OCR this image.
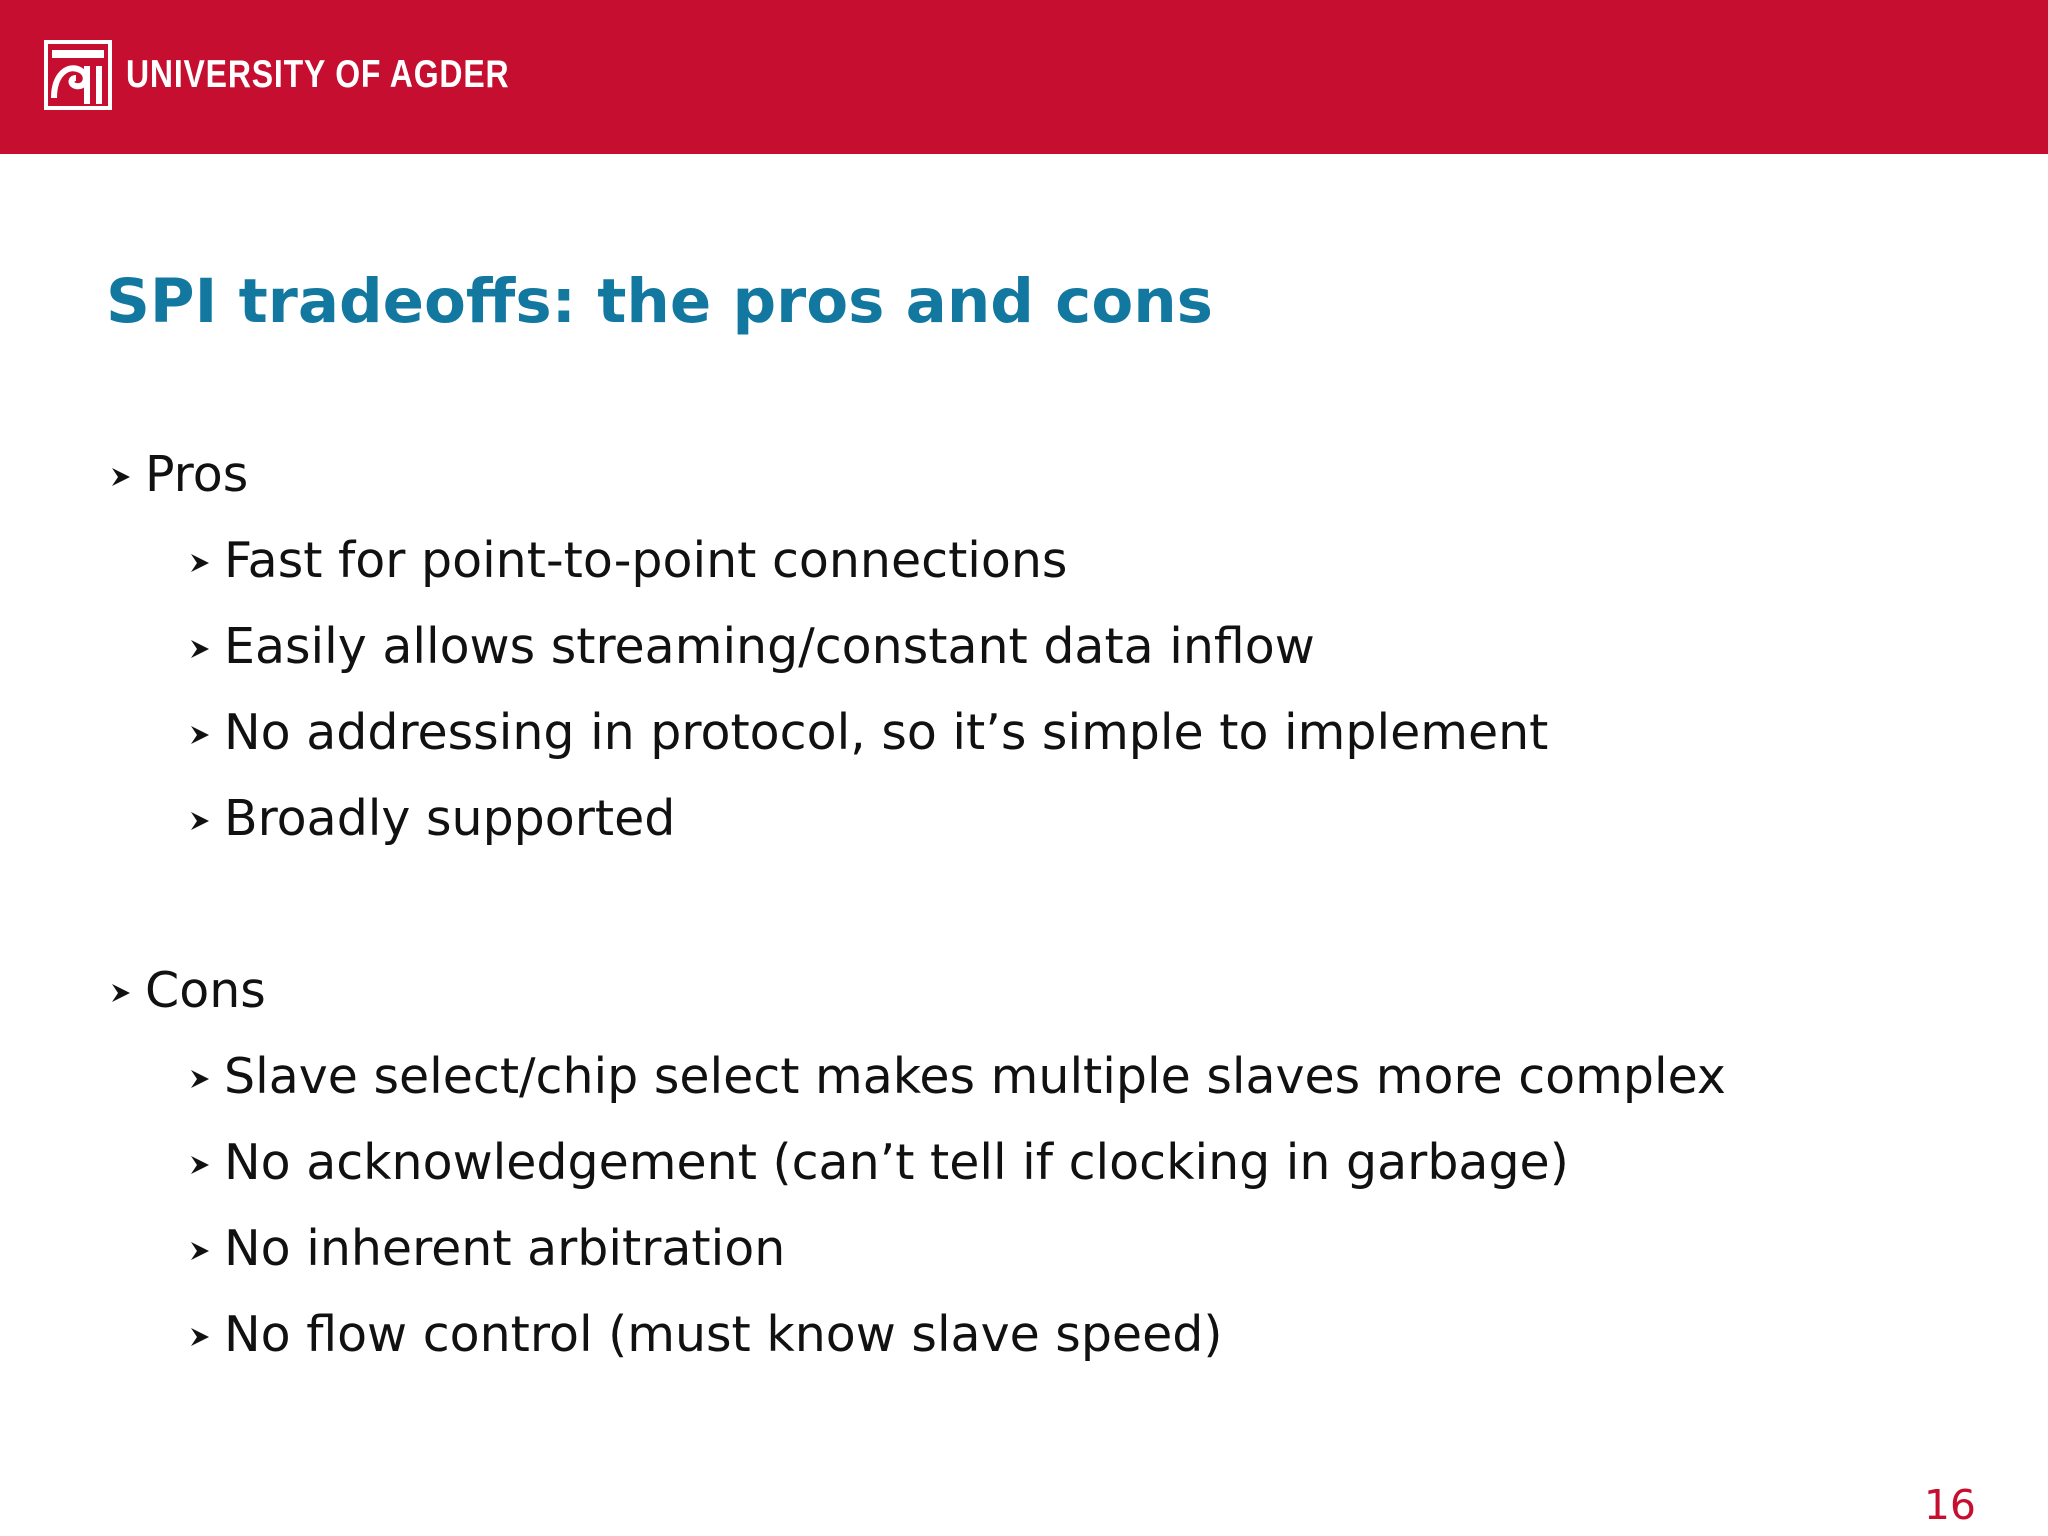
UNIVERSITY OF AGDER
SPI tradeoffs: the pros and cons
Pros
Fast for point-to-point connections
Easily allows streaming/constant data inflow
No addressing in protocol, so it’s simple to implement
Broadly supported
Cons
Slave select/chip select makes multiple slaves more complex
No acknowledgement (can’t tell if clocking in garbage)
No inherent arbitration
No flow control (must know slave speed)
16
